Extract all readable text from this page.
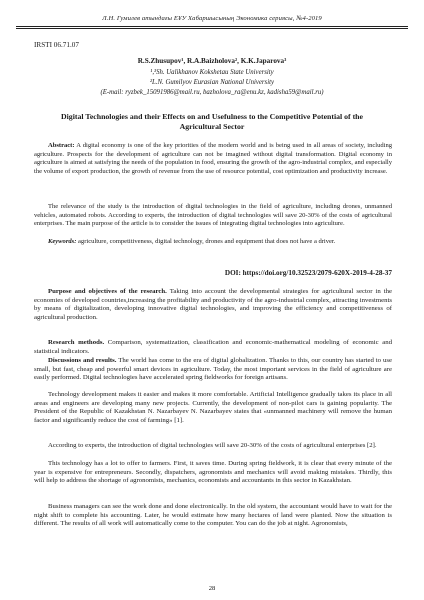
Л.Н. Гумилев атындағы ЕҰУ Хабаршысының Экономика сериясы, №4-2019
IRSTI 06.71.07
R.S.Zhusupov¹, R.A.Baizholova², K.K.Japarova³
¹,³Sh. Ualikhanov Kokshetau State University
²L.N. Gumilyov Eurasian National University
(E-mail: ryzbek_15091986@mail.ru, bazholova_ra@enu.kz, kadisha59@mail.ru)
Digital Technologies and their Effects on and Usefulness to the Competitive Potential of the Agricultural Sector

Abstract: A digital economy is one of the key priorities of the modern world and is being used in all areas of society, including agriculture. Prospects for the development of agriculture can not be imagined without digital transformation. Digital economy in agriculture is aimed at satisfying the needs of the population in food, ensuring the growth of the agro-industrial complex, and especially the volume of export production, the growth of revenue from the use of resource potential, cost optimization and productivity increase.

The relevance of the study is the introduction of digital technologies in the field of agriculture, including drones, unmanned vehicles, automated robots. According to experts, the introduction of digital technologies will save 20-30% of the costs of agricultural enterprises. The main purpose of the article is to consider the issues of integrating digital technologies into agriculture.

Keywords: agriculture, competitiveness, digital technology, drones and equipment that does not have a driver.

DOI: https://doi.org/10.32523/2079-620X-2019-4-28-37

Purpose and objectives of the research. Taking into account the developmental strategies for agricultural sector in the economies of developed countries,increasing the profitability and productivity of the agro-industrial complex, attracting investments by means of digitalization, developing innovative digital technologies, and improving the efficiency and competitiveness of agricultural production.

Research methods. Comparison, systematization, classification and economic-mathematical modeling of economic and statistical indicators.

Discussions and results. The world has come to the era of digital globalization. Thanks to this, our country has started to use small, but fast, cheap and powerful smart devices in agriculture. Today, the most important services in the field of agriculture are easily performed. Digital technologies have accelerated spring fieldworks for foreign artisans.

Technology development makes it easier and makes it more comfortable. Artificial Intelligence gradually takes its place in all areas and engineers are developing many new projects. Currently, the development of non-pilot cars is gaining popularity. The President of the Republic of Kazakhstan N. Nazarbayev N. Nazarbayev states that «unmanned machinery will remove the human factor and significantly reduce the cost of farming» [1].

According to experts, the introduction of digital technologies will save 20-30% of the costs of agricultural enterprises [2].

This technology has a lot to offer to farmers. First, it saves time. During spring fieldwork, it is clear that every minute of the year is expensive for entrepreneurs. Secondly, dispatchers, agronomists and mechanics will avoid making mistakes. Thirdly, this will help to address the shortage of agronomists, mechanics, economists and accountants in this sector in Kazakhstan.

Business managers can see the work done and done electronically. In the old system, the accountant would have to wait for the night shift to complete his accounting. Later, he would estimate how many hectares of land were planted. Now the situation is different. The results of all work will automatically come to the computer. You can do the job at night. Agronomists,

28
